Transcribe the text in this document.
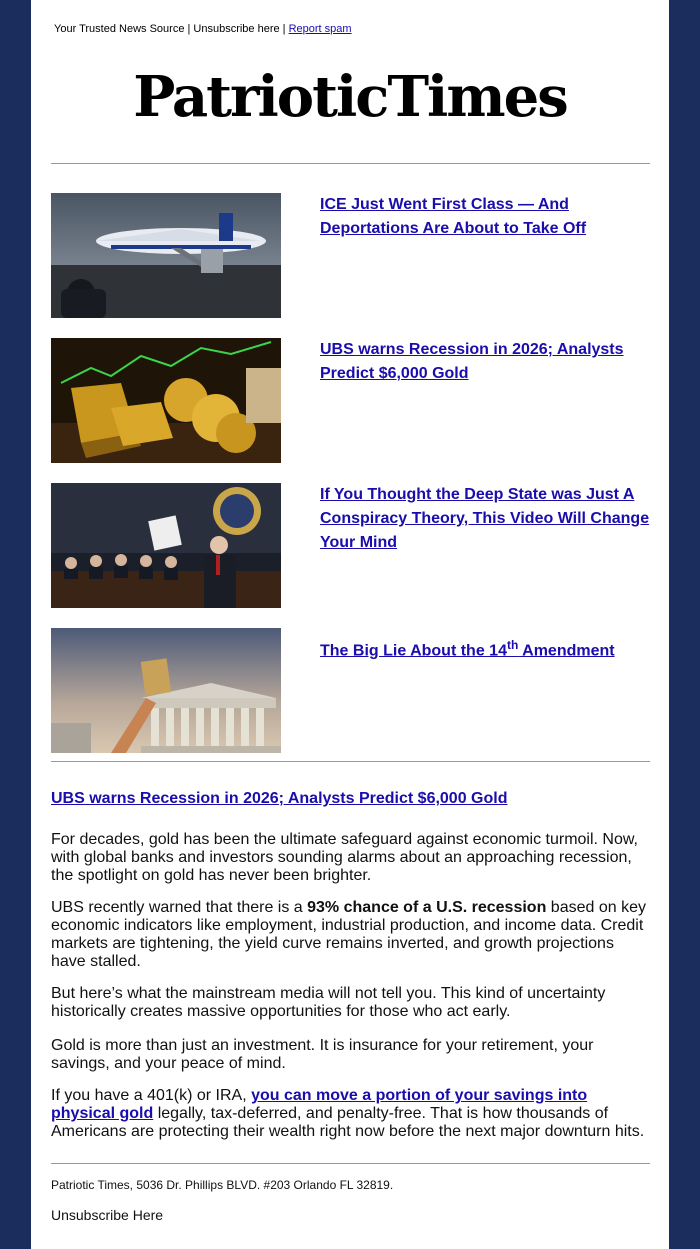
Your Trusted News Source | Unsubscribe here | Report spam
PatrioticTimes
ICE Just Went First Class — And Deportations Are About to Take Off
UBS warns Recession in 2026; Analysts Predict $6,000 Gold
If You Thought the Deep State was Just A Conspiracy Theory, This Video Will Change Your Mind
The Big Lie About the 14th Amendment
UBS warns Recession in 2026; Analysts Predict $6,000 Gold

For decades, gold has been the ultimate safeguard against economic turmoil. Now, with global banks and investors sounding alarms about an approaching recession, the spotlight on gold has never been brighter.

UBS recently warned that there is a 93% chance of a U.S. recession based on key economic indicators like employment, industrial production, and income data. Credit markets are tightening, the yield curve remains inverted, and growth projections have stalled.

But here’s what the mainstream media will not tell you. This kind of uncertainty historically creates massive opportunities for those who act early.

Gold is more than just an investment. It is insurance for your retirement, your savings, and your peace of mind.

If you have a 401(k) or IRA, you can move a portion of your savings into physical gold legally, tax-deferred, and penalty-free. That is how thousands of Americans are protecting their wealth right now before the next major downturn hits.

Patriotic Times, 5036 Dr. Phillips BLVD. #203 Orlando FL 32819.
Unsubscribe Here
